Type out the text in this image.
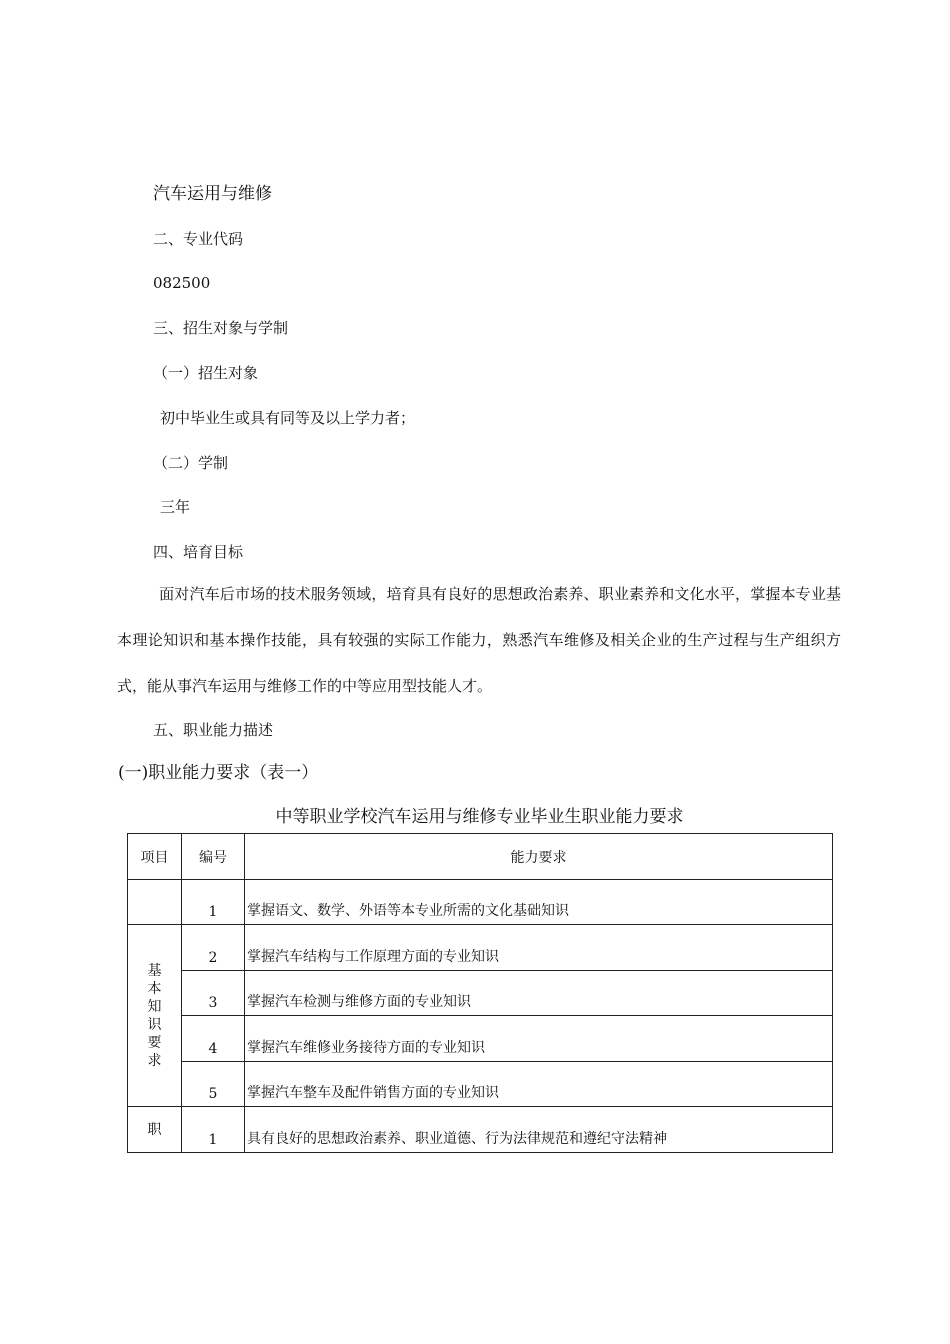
汽车运用与维修
二、专业代码
082500
三、招生对象与学制
（一）招生对象
初中毕业生或具有同等及以上学力者；
（二）学制
三年
四、培育目标
面对汽车后市场的技术服务领域，培育具有良好的思想政治素养、职业素养和文化水平，掌握本专业基本理论知识和基本操作技能，具有较强的实际工作能力，熟悉汽车维修及相关企业的生产过程与生产组织方式，能从事汽车运用与维修工作的中等应用型技能人才。
五、职业能力描述
(一)职业能力要求（表一）
中等职业学校汽车运用与维修专业毕业生职业能力要求
项目	编号	能力要求
	1	掌握语文、数学、外语等本专业所需的文化基础知识
基本知识要求	2	掌握汽车结构与工作原理方面的专业知识
	3	掌握汽车检测与维修方面的专业知识
	4	掌握汽车维修业务接待方面的专业知识
	5	掌握汽车整车及配件销售方面的专业知识
职	1	具有良好的思想政治素养、职业道德、行为法律规范和遵纪守法精神
